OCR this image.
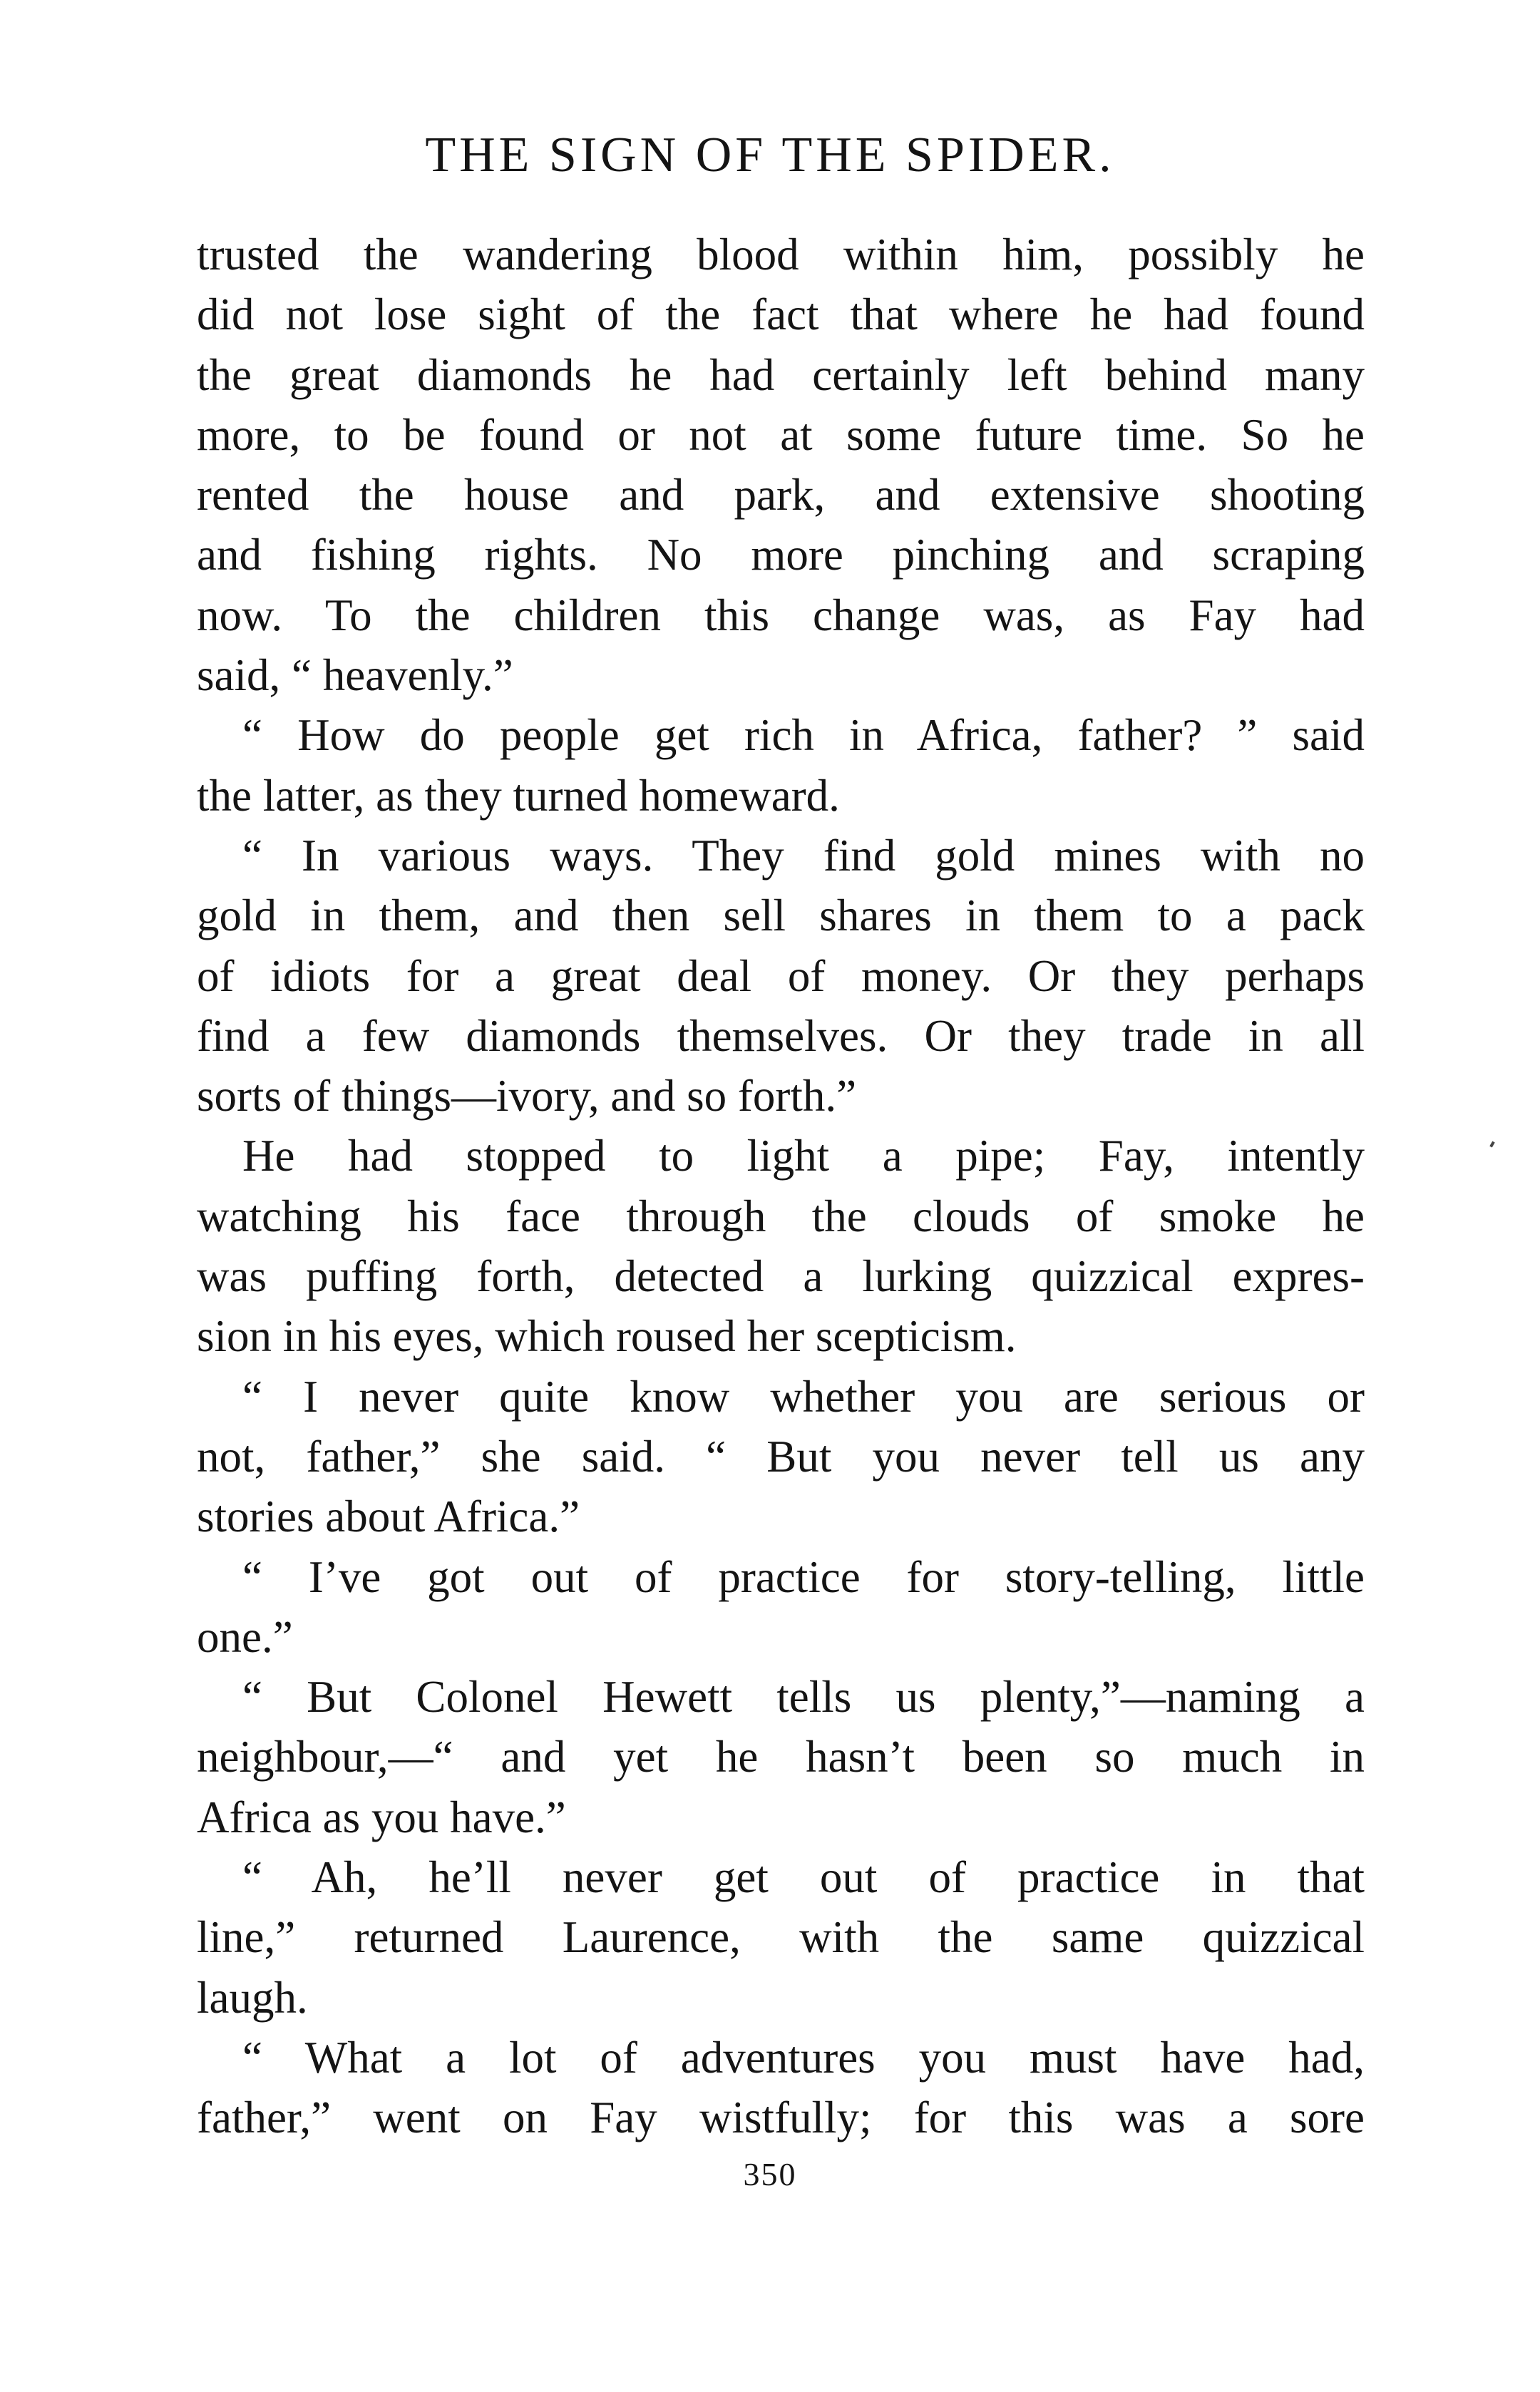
THE SIGN OF THE SPIDER.
trusted the wandering blood within him, possibly he
did not lose sight of the fact that where he had found
the great diamonds he had certainly left behind many
more, to be found or not at some future time. So he
rented the house and park, and extensive shooting
and fishing rights. No more pinching and scraping
now. To the children this change was, as Fay had
said, “ heavenly.”
“ How do people get rich in Africa, father? ” said
the latter, as they turned homeward.
“ In various ways. They find gold mines with no
gold in them, and then sell shares in them to a pack
of idiots for a great deal of money. Or they perhaps
find a few diamonds themselves. Or they trade in all
sorts of things—ivory, and so forth.”
He had stopped to light a pipe; Fay, intently
watching his face through the clouds of smoke he
was puffing forth, detected a lurking quizzical expres-
sion in his eyes, which roused her scepticism.
“ I never quite know whether you are serious or
not, father,” she said. “ But you never tell us any
stories about Africa.”
“ I’ve got out of practice for story-telling, little
one.”
“ But Colonel Hewett tells us plenty,”—naming a
neighbour,—“ and yet he hasn’t been so much in
Africa as you have.”
“ Ah, he’ll never get out of practice in that
line,” returned Laurence, with the same quizzical
laugh.
“ What a lot of adventures you must have had,
father,” went on Fay wistfully; for this was a sore
350
